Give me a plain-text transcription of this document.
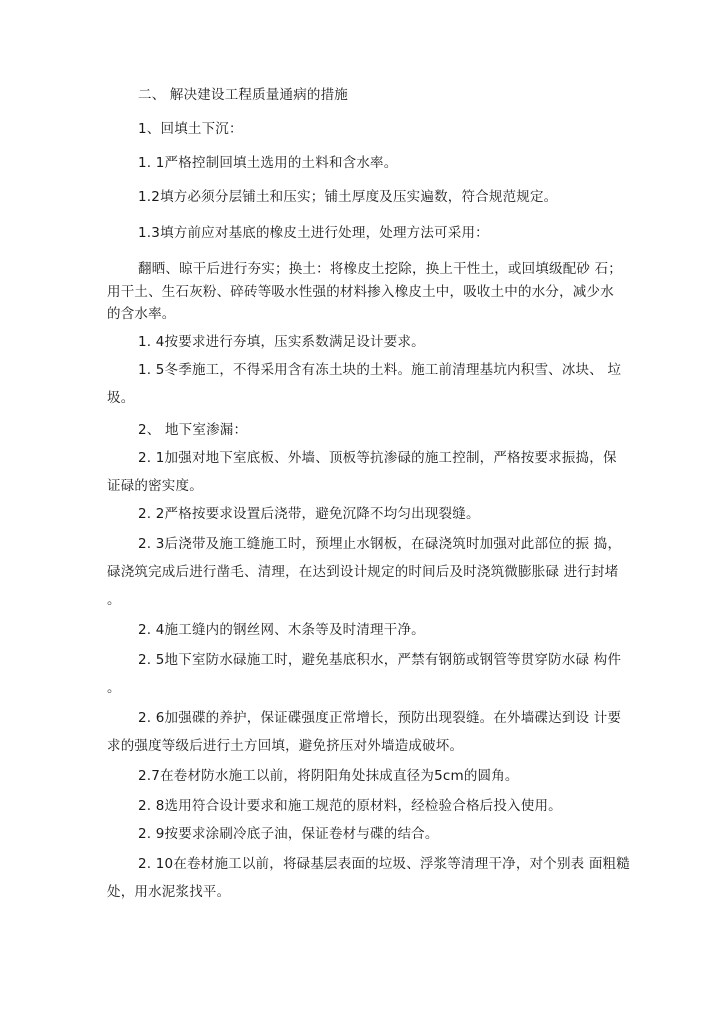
二、 解决建设工程质量通病的措施
1、回填土下沉：
1. 1严格控制回填土选用的土料和含水率。
1.2填方必须分层铺土和压实；铺土厚度及压实遍数，符合规范规定。
1.3填方前应对基底的橡皮土进行处理，处理方法可采用：
翻晒、晾干后进行夯实；换土：将橡皮土挖除，换上干性土，或回填级配砂 石；
用干土、生石灰粉、碎砖等吸水性强的材料掺入橡皮土中，吸收土中的水分，减少水
的含水率。
1. 4按要求进行夯填，压实系数满足设计要求。
1. 5冬季施工，不得采用含有冻土块的土料。施工前清理基坑内积雪、冰块、 垃
圾。
2、 地下室渗漏：
2. 1加强对地下室底板、外墙、顶板等抗渗碌的施工控制，严格按要求振捣，保
证碌的密实度。
2. 2严格按要求设置后浇带，避免沉降不均匀出现裂缝。
2. 3后浇带及施工缝施工时，预埋止水钢板，在碌浇筑时加强对此部位的振 捣，
碌浇筑完成后进行凿毛、清理，在达到设计规定的时间后及时浇筑微膨胀碌 进行封堵
。
2. 4施工缝内的钢丝网、木条等及时清理干净。
2. 5地下室防水碌施工时，避免基底积水，严禁有钢筋或钢管等贯穿防水碌 构件
。
2. 6加强碟的养护，保证碟强度正常增长，预防出现裂缝。在外墙碟达到设 计要
求的强度等级后进行土方回填，避免挤压对外墙造成破坏。
2.7在卷材防水施工以前，将阴阳角处抹成直径为5cm的圆角。
2. 8选用符合设计要求和施工规范的原材料，经检验合格后投入使用。
2. 9按要求涂刷冷底子油，保证卷材与碟的结合。
2. 10在卷材施工以前，将碌基层表面的垃圾、浮浆等清理干净，对个别表 面粗糙
处，用水泥浆找平。
